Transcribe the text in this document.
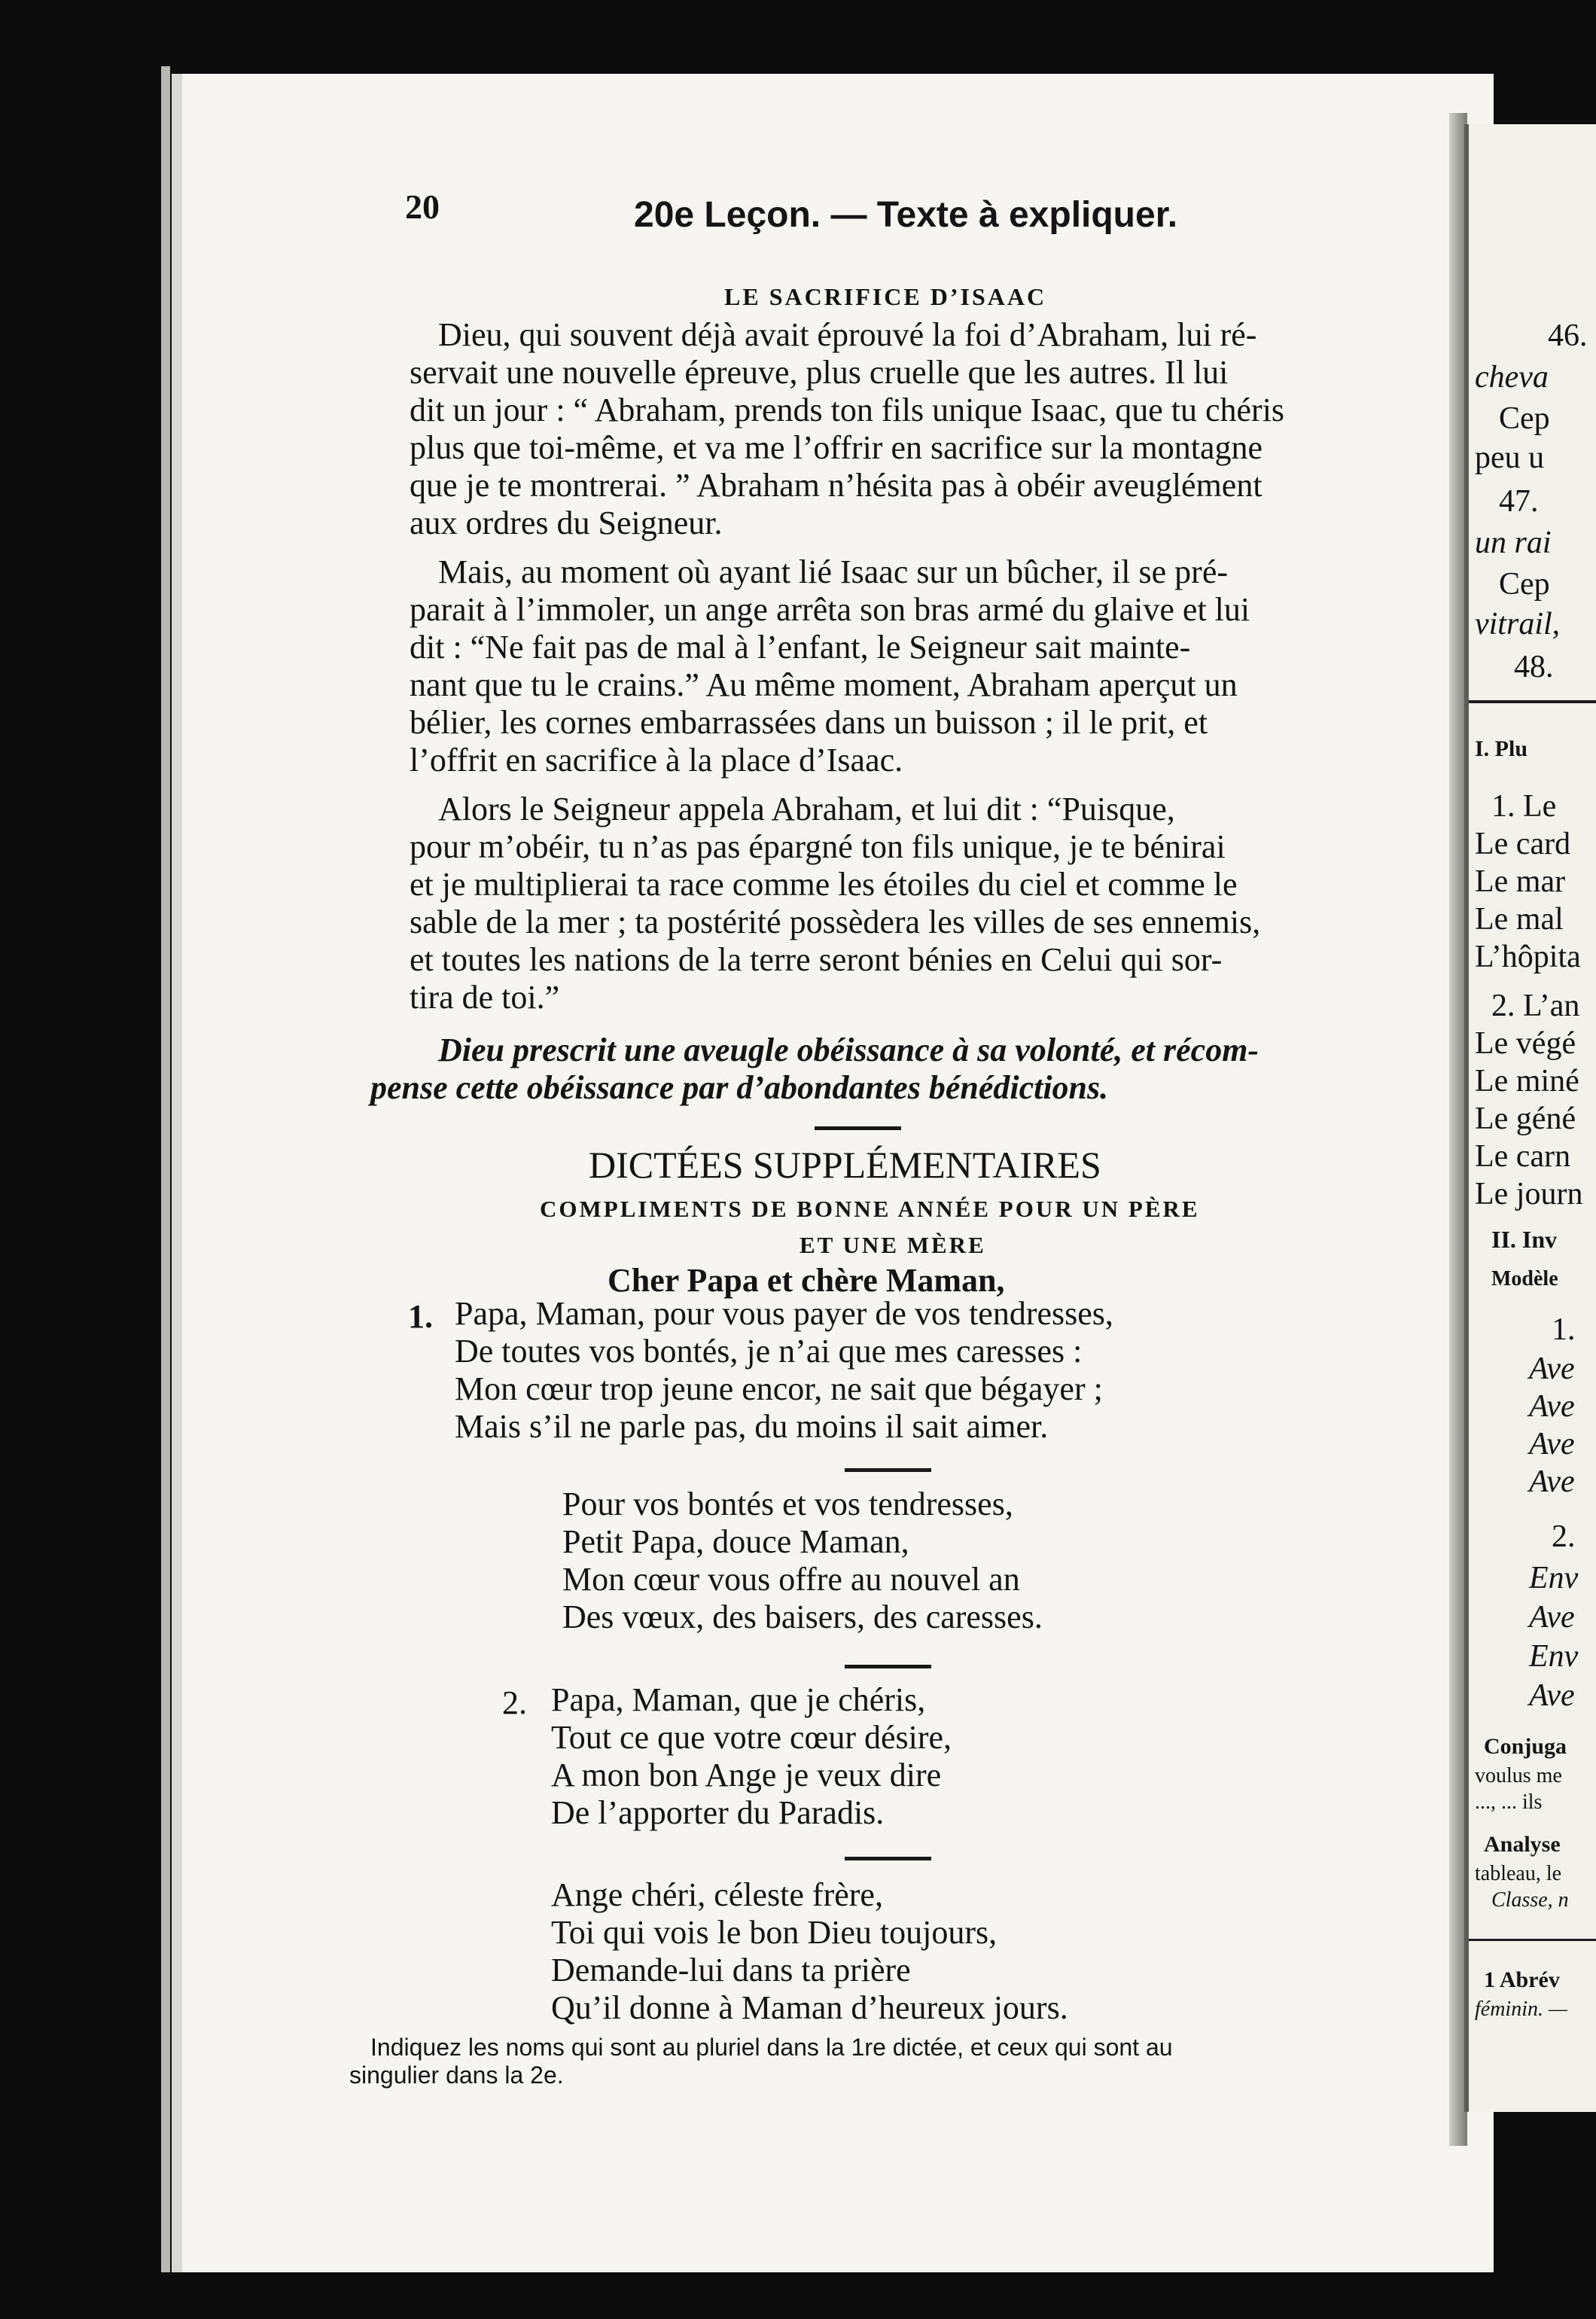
20	20e Leçon. — Texte à expliquer.
LE SACRIFICE D’ISAAC
Dieu, qui souvent déjà avait éprouvé la foi d’Abraham, lui ré-
servait une nouvelle épreuve, plus cruelle que les autres. Il lui
dit un jour : “ Abraham, prends ton fils unique Isaac, que tu chéris
plus que toi-même, et va me l’offrir en sacrifice sur la montagne
que je te montrerai. ” Abraham n’hésita pas à obéir aveuglément
aux ordres du Seigneur.
Mais, au moment où ayant lié Isaac sur un bûcher, il se pré-
parait à l’immoler, un ange arrêta son bras armé du glaive et lui
dit : “Ne fait pas de mal à l’enfant, le Seigneur sait mainte-
nant que tu le crains.” Au même moment, Abraham aperçut un
bélier, les cornes embarrassées dans un buisson ; il le prit, et
l’offrit en sacrifice à la place d’Isaac.
Alors le Seigneur appela Abraham, et lui dit : “Puisque,
pour m’obéir, tu n’as pas épargné ton fils unique, je te bénirai
et je multiplierai ta race comme les étoiles du ciel et comme le
sable de la mer ; ta postérité possèdera les villes de ses ennemis,
et toutes les nations de la terre seront bénies en Celui qui sor-
tira de toi.”
Dieu prescrit une aveugle obéissance à sa volonté, et récom-
pense cette obéissance par d’abondantes bénédictions.
DICTÉES SUPPLÉMENTAIRES
COMPLIMENTS DE BONNE ANNÉE POUR UN PÈRE
ET UNE MÈRE
Cher Papa et chère Maman,
1. Papa, Maman, pour vous payer de vos tendresses,
De toutes vos bontés, je n’ai que mes caresses :
Mon cœur trop jeune encor, ne sait que bégayer ;
Mais s’il ne parle pas, du moins il sait aimer.
Pour vos bontés et vos tendresses,
Petit Papa, douce Maman,
Mon cœur vous offre au nouvel an
Des vœux, des baisers, des caresses.
2. Papa, Maman, que je chéris,
Tout ce que votre cœur désire,
A mon bon Ange je veux dire
De l’apporter du Paradis.
Ange chéri, céleste frère,
Toi qui vois le bon Dieu toujours,
Demande-lui dans ta prière
Qu’il donne à Maman d’heureux jours.
Indiquez les noms qui sont au pluriel dans la 1re dictée, et ceux qui sont au
singulier dans la 2e.
46.
cheva
Cep
peu u
47.
un rai
Cep
vitrail,
48.
I. Plu
1. Le
Le card
Le mar
Le mal
L’hôpita
2. L’an
Le végé
Le miné
Le géné
Le carn
Le journ
II. Inv
Modèle
1.
Ave
Ave
Ave
Ave
2.
Env
Ave
Env
Ave
Conjuga
voulus me
..., ... ils
Analyse
tableau, le
Classe, n
1 Abrév
féminin. —
